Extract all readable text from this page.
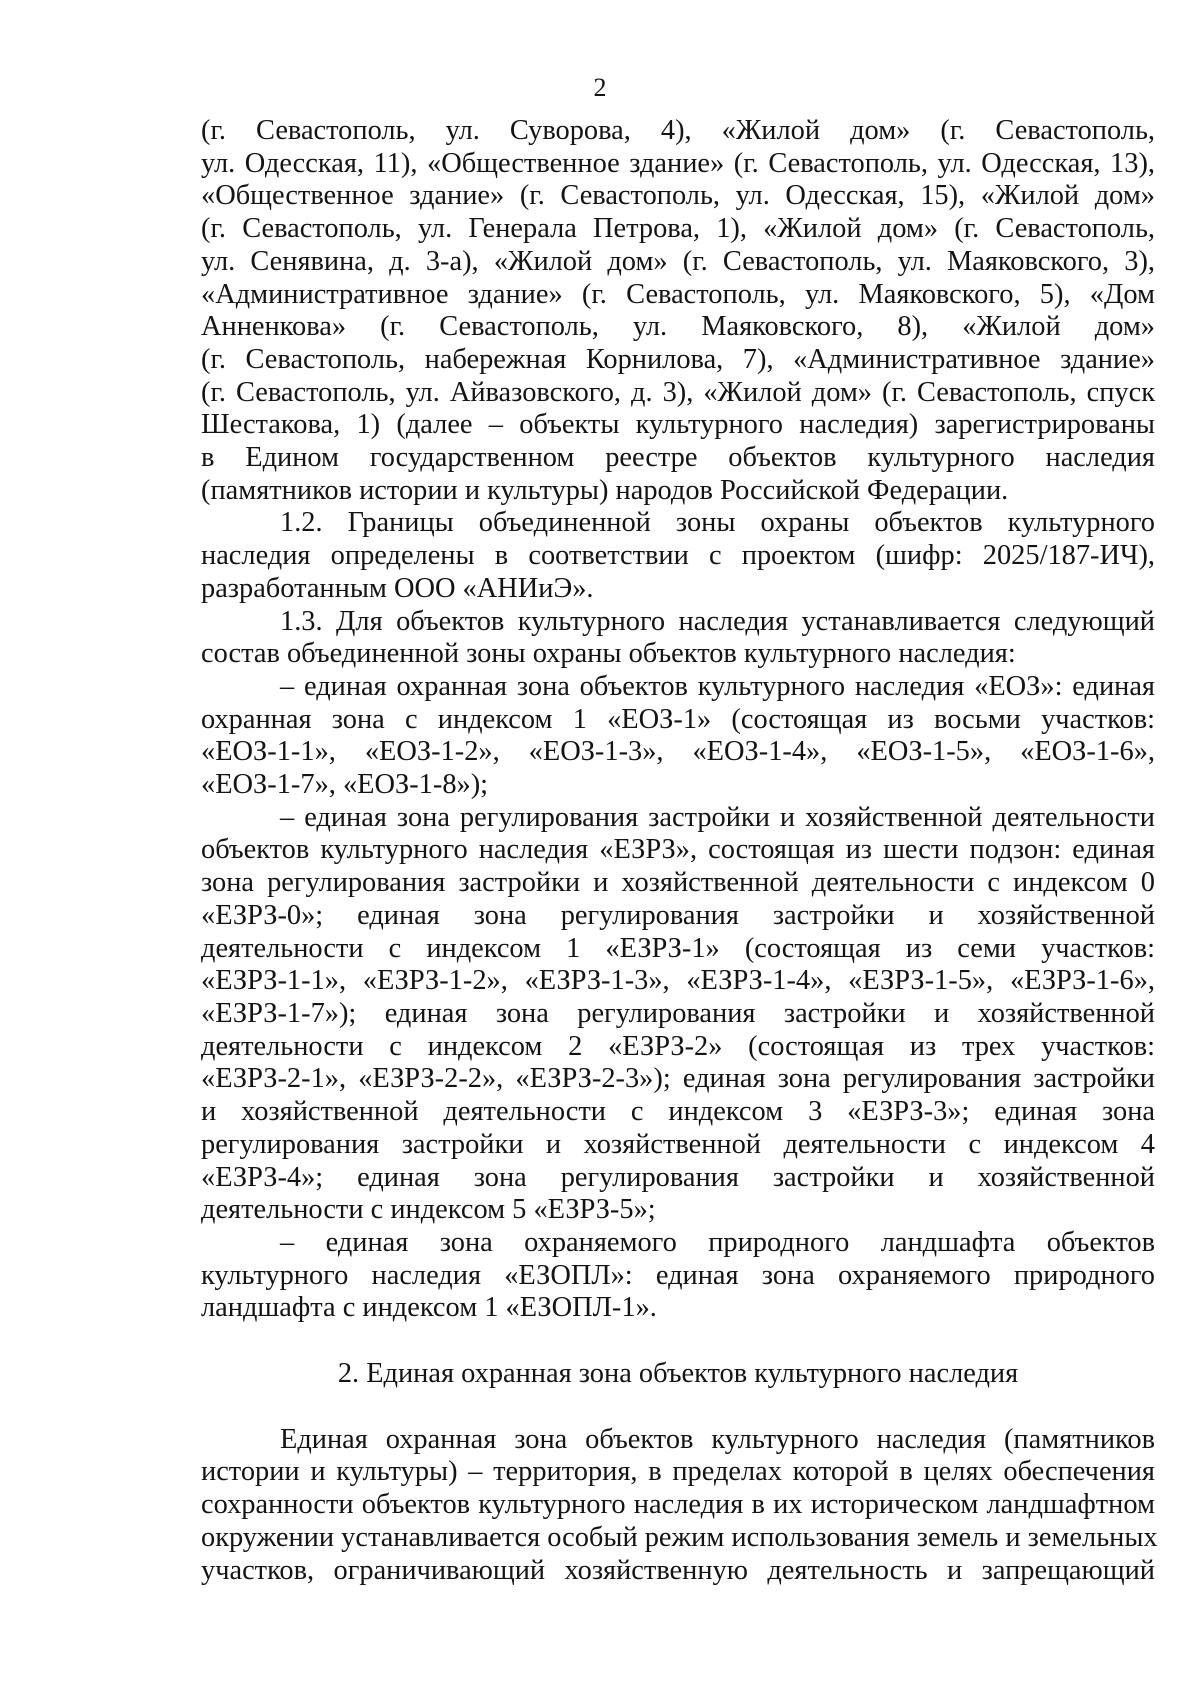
2
(г. Севастополь, ул. Суворова, 4), «Жилой дом» (г. Севастополь,
ул. Одесская, 11), «Общественное здание» (г. Севастополь, ул. Одесская, 13),
«Общественное здание» (г. Севастополь, ул. Одесская, 15), «Жилой дом»
(г. Севастополь, ул. Генерала Петрова, 1), «Жилой дом» (г. Севастополь,
ул. Сенявина, д. 3-а), «Жилой дом» (г. Севастополь, ул. Маяковского, 3),
«Административное здание» (г. Севастополь, ул. Маяковского, 5), «Дом
Анненкова» (г. Севастополь, ул. Маяковского, 8), «Жилой дом»
(г. Севастополь, набережная Корнилова, 7), «Административное здание»
(г. Севастополь, ул. Айвазовского, д. 3), «Жилой дом» (г. Севастополь, спуск
Шестакова, 1) (далее – объекты культурного наследия) зарегистрированы
в Едином государственном реестре объектов культурного наследия
(памятников истории и культуры) народов Российской Федерации.
1.2. Границы объединенной зоны охраны объектов культурного
наследия определены в соответствии с проектом (шифр: 2025/187-ИЧ),
разработанным ООО «АНИиЭ».
1.3. Для объектов культурного наследия устанавливается следующий
состав объединенной зоны охраны объектов культурного наследия:
– единая охранная зона объектов культурного наследия «ЕОЗ»: единая
охранная зона с индексом 1 «ЕОЗ-1» (состоящая из восьми участков:
«ЕОЗ-1-1», «ЕОЗ-1-2», «ЕОЗ-1-3», «ЕОЗ-1-4», «ЕОЗ-1-5», «ЕОЗ-1-6»,
«ЕОЗ-1-7», «ЕОЗ-1-8»);
– единая зона регулирования застройки и хозяйственной деятельности
объектов культурного наследия «ЕЗРЗ», состоящая из шести подзон: единая
зона регулирования застройки и хозяйственной деятельности с индексом 0
«ЕЗРЗ-0»; единая зона регулирования застройки и хозяйственной
деятельности с индексом 1 «ЕЗРЗ-1» (состоящая из семи участков:
«ЕЗРЗ-1-1», «ЕЗРЗ-1-2», «ЕЗРЗ-1-3», «ЕЗРЗ-1-4», «ЕЗРЗ-1-5», «ЕЗРЗ-1-6»,
«ЕЗРЗ-1-7»); единая зона регулирования застройки и хозяйственной
деятельности с индексом 2 «ЕЗРЗ-2» (состоящая из трех участков:
«ЕЗРЗ-2-1», «ЕЗРЗ-2-2», «ЕЗРЗ-2-3»); единая зона регулирования застройки
и хозяйственной деятельности с индексом 3 «ЕЗРЗ-3»; единая зона
регулирования застройки и хозяйственной деятельности с индексом 4
«ЕЗРЗ-4»; единая зона регулирования застройки и хозяйственной
деятельности с индексом 5 «ЕЗРЗ-5»;
– единая зона охраняемого природного ландшафта объектов
культурного наследия «ЕЗОПЛ»: единая зона охраняемого природного
ландшафта с индексом 1 «ЕЗОПЛ-1».
2. Единая охранная зона объектов культурного наследия
Единая охранная зона объектов культурного наследия (памятников
истории и культуры) – территория, в пределах которой в целях обеспечения
сохранности объектов культурного наследия в их историческом ландшафтном
окружении устанавливается особый режим использования земель и земельных
участков, ограничивающий хозяйственную деятельность и запрещающий
